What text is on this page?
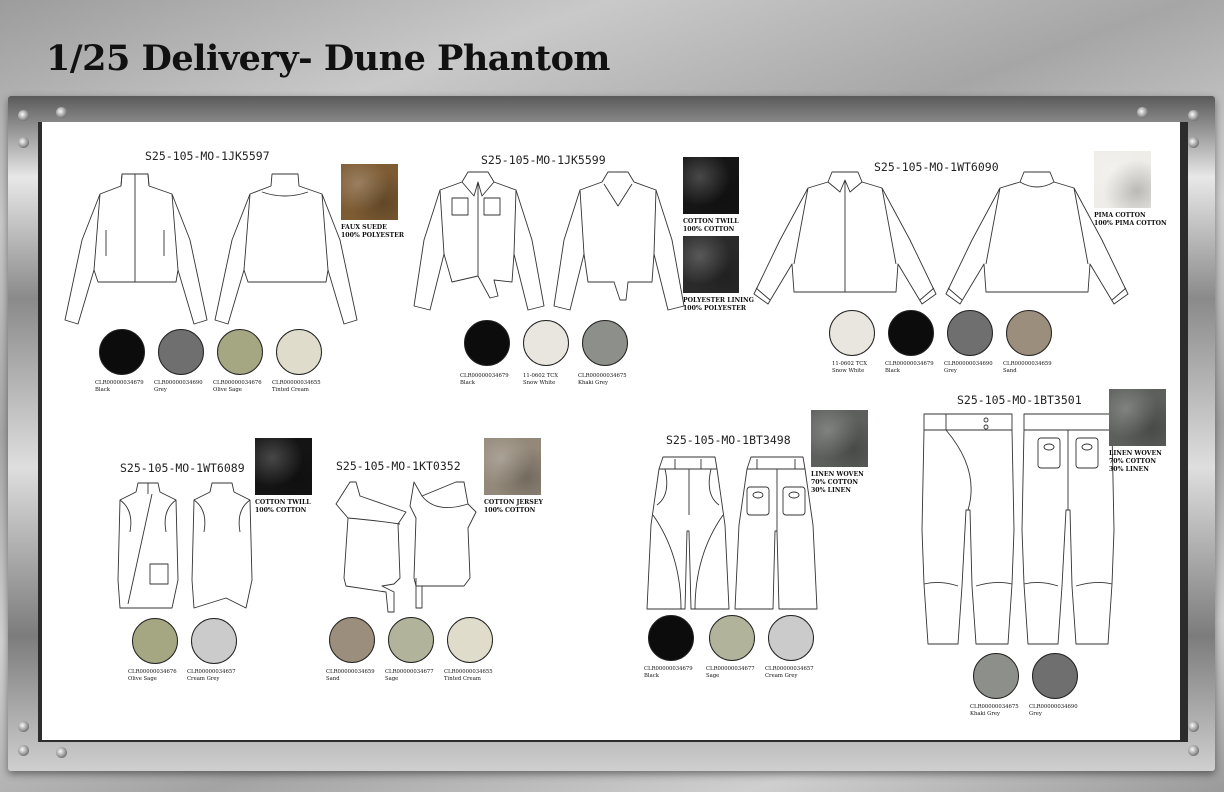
1/25 Delivery- Dune Phantom
S25-105-MO-1JK5597
FAUX SUEDE
100% POLYESTER
CLR00000034679
Black
CLR00000034690
Grey
CLR00000034676
Olive Sage
CLR00000034655
Tinted Cream
S25-105-MO-1JK5599
COTTON TWILL
100% COTTON
POLYESTER LINING
100% POLYESTER
CLR00000034679
Black
11-0602 TCX
Snow White
CLR00000034675
Khaki Grey
S25-105-MO-1WT6090
PIMA COTTON
100% PIMA COTTON
11-0602 TCX
Snow White
CLR00000034679
Black
CLR00000034690
Grey
CLR00000034659
Sand
S25-105-MO-1WT6089
COTTON TWILL
100% COTTON
CLR00000034676
Olive Sage
CLR00000034657
Cream Grey
S25-105-MO-1KT0352
COTTON JERSEY
100% COTTON
CLR00000034659
Sand
CLR00000034677
Sage
CLR00000034655
Tinted Cream
S25-105-MO-1BT3498
LINEN WOVEN
70% COTTON
30% LINEN
CLR00000034679
Black
CLR00000034677
Sage
CLR00000034657
Cream Grey
S25-105-MO-1BT3501
LINEN WOVEN
70% COTTON
30% LINEN
CLR00000034675
Khaki Grey
CLR00000034690
Grey
